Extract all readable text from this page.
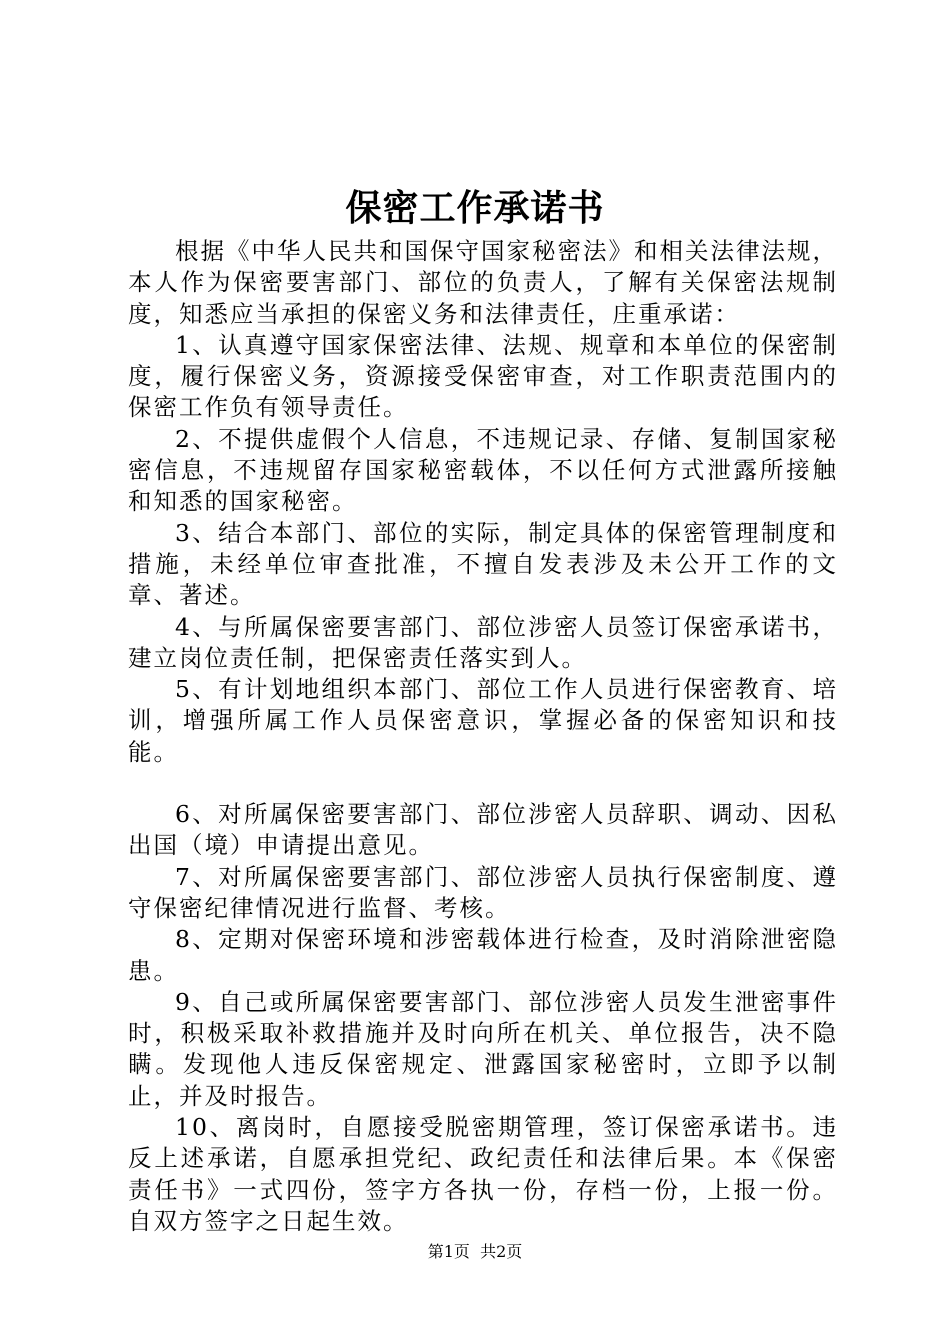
保密工作承诺书

根据《中华人民共和国保守国家秘密法》和相关法律法规，本人作为保密要害部门、部位的负责人，了解有关保密法规制度，知悉应当承担的保密义务和法律责任，庄重承诺：

1、认真遵守国家保密法律、法规、规章和本单位的保密制度，履行保密义务，资源接受保密审查，对工作职责范围内的保密工作负有领导责任。

2、不提供虚假个人信息，不违规记录、存储、复制国家秘密信息，不违规留存国家秘密载体，不以任何方式泄露所接触和知悉的国家秘密。

3、结合本部门、部位的实际，制定具体的保密管理制度和措施，未经单位审查批准，不擅自发表涉及未公开工作的文章、著述。

4、与所属保密要害部门、部位涉密人员签订保密承诺书，建立岗位责任制，把保密责任落实到人。

5、有计划地组织本部门、部位工作人员进行保密教育、培训，增强所属工作人员保密意识，掌握必备的保密知识和技能。

6、对所属保密要害部门、部位涉密人员辞职、调动、因私出国（境）申请提出意见。

7、对所属保密要害部门、部位涉密人员执行保密制度、遵守保密纪律情况进行监督、考核。

8、定期对保密环境和涉密载体进行检查，及时消除泄密隐患。

9、自己或所属保密要害部门、部位涉密人员发生泄密事件时，积极采取补救措施并及时向所在机关、单位报告，决不隐瞒。发现他人违反保密规定、泄露国家秘密时，立即予以制止，并及时报告。

10、离岗时，自愿接受脱密期管理，签订保密承诺书。违反上述承诺，自愿承担党纪、政纪责任和法律后果。本《保密责任书》一式四份，签字方各执一份，存档一份，上报一份。自双方签字之日起生效。

第1页 共2页
